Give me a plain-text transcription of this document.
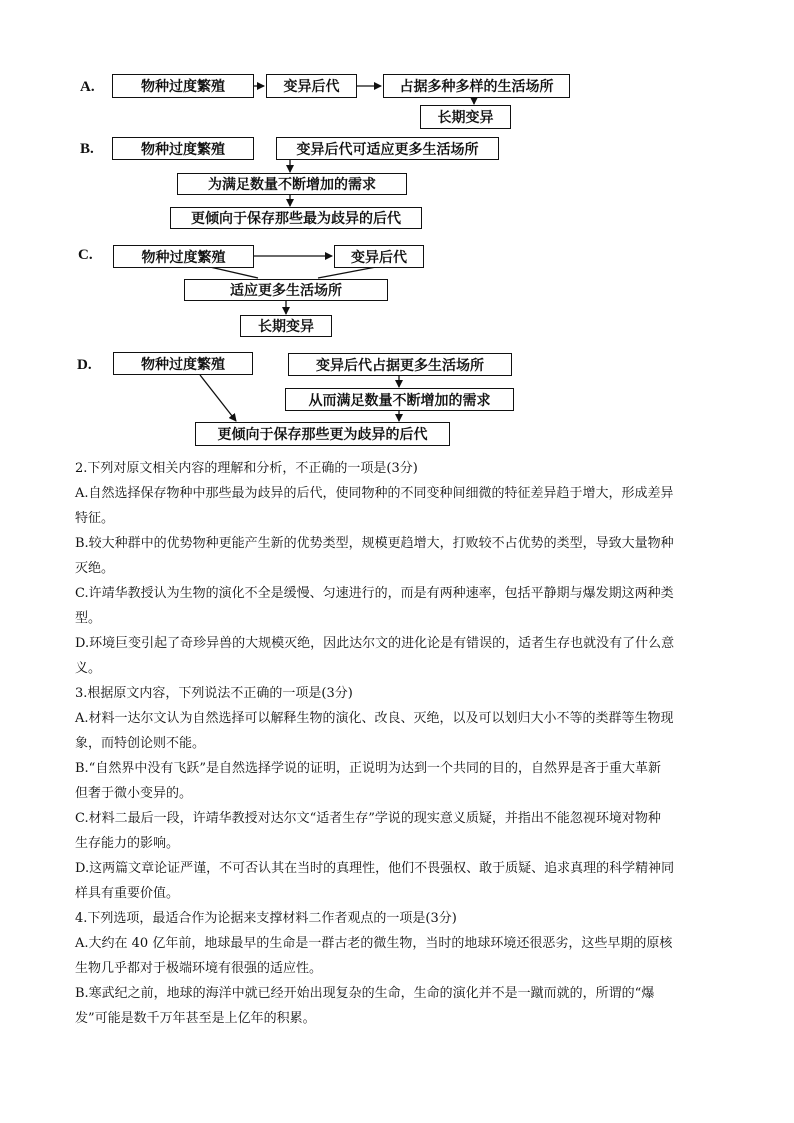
A.	物种过度繁殖	变异后代	占据多种多样的生活场所
长期变异
B.	物种过度繁殖	变异后代可适应更多生活场所
为满足数量不断增加的需求
更倾向于保存那些最为歧异的后代
C.	物种过度繁殖	变异后代
适应更多生活场所
长期变异
D.	物种过度繁殖	变异后代占据更多生活场所
从而满足数量不断增加的需求
更倾向于保存那些更为歧异的后代
2.下列对原文相关内容的理解和分析，不正确的一项是(3分)
A.自然选择保存物种中那些最为歧异的后代，使同物种的不同变种间细微的特征差异趋于增大，形成差异
特征。
B.较大种群中的优势物种更能产生新的优势类型，规模更趋增大，打败较不占优势的类型，导致大量物种
灭绝。
C.许靖华教授认为生物的演化不全是缓慢、匀速进行的，而是有两种速率，包括平静期与爆发期这两种类
型。
D.环境巨变引起了奇珍异兽的大规模灭绝，因此达尔文的进化论是有错误的，适者生存也就没有了什么意
义。
3.根据原文内容，下列说法不正确的一项是(3分)
A.材料一达尔文认为自然选择可以解释生物的演化、改良、灭绝，以及可以划归大小不等的类群等生物现
象，而特创论则不能。
B.“自然界中没有飞跃”是自然选择学说的证明，正说明为达到一个共同的目的，自然界是吝于重大革新
但奢于微小变异的。
C.材料二最后一段，许靖华教授对达尔文“适者生存”学说的现实意义质疑，并指出不能忽视环境对物种
生存能力的影响。
D.这两篇文章论证严谨，不可否认其在当时的真理性，他们不畏强权、敢于质疑、追求真理的科学精神同
样具有重要价值。
4.下列选项，最适合作为论据来支撑材料二作者观点的一项是(3分)
A.大约在 40 亿年前，地球最早的生命是一群古老的微生物，当时的地球环境还很恶劣，这些早期的原核
生物几乎都对于极端环境有很强的适应性。
B.寒武纪之前，地球的海洋中就已经开始出现复杂的生命，生命的演化并不是一蹴而就的，所谓的“爆
发”可能是数千万年甚至是上亿年的积累。
